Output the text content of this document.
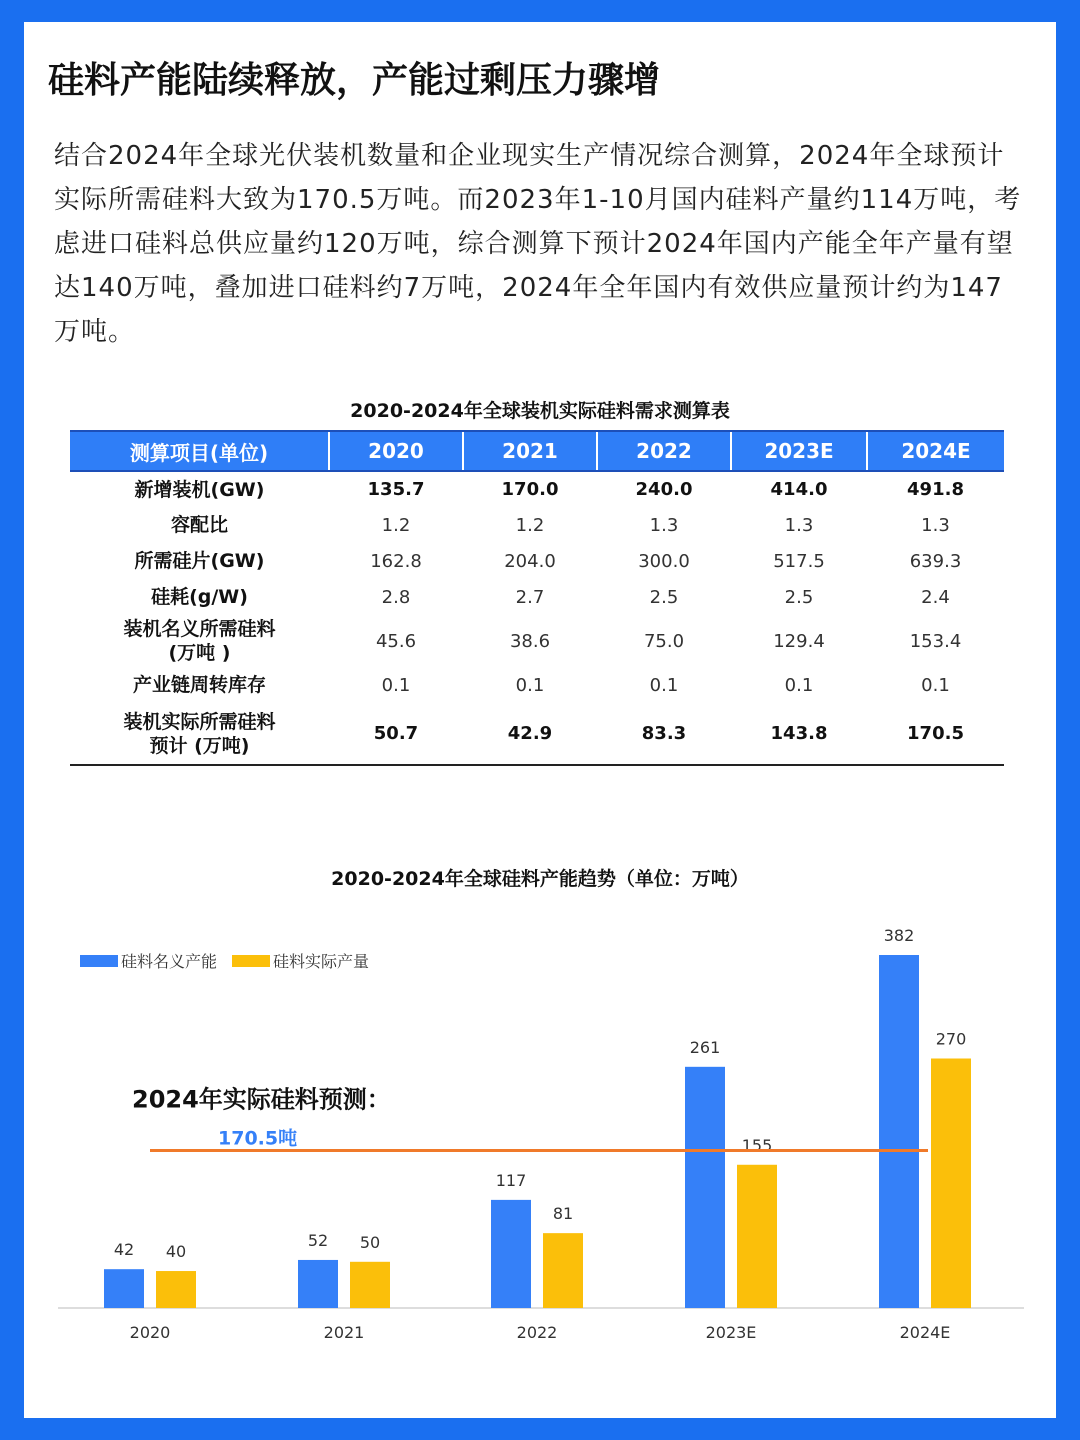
硅料产能陆续释放，产能过剩压力骤增
结合2024年全球光伏装机数量和企业现实生产情况综合测算，2024年全球预计实际所需硅料大致为170.5万吨。而2023年1-10月国内硅料产量约114万吨，考虑进口硅料总供应量约120万吨，综合测算下预计2024年国内产能全年产量有望达140万吨，叠加进口硅料约7万吨，2024年全年国内有效供应量预计约为147万吨。
2020-2024年全球装机实际硅料需求测算表
测算项目(单位)	2020	2021	2022	2023E	2024E
新增装机(GW)	135.7	170.0	240.0	414.0	491.8
容配比	1.2	1.2	1.3	1.3	1.3
所需硅片(GW)	162.8	204.0	300.0	517.5	639.3
硅耗(g/W)	2.8	2.7	2.5	2.5	2.4
装机名义所需硅料
(万吨 )	45.6	38.6	75.0	129.4	153.4
产业链周转库存	0.1	0.1	0.1	0.1	0.1
装机实际所需硅料
预计 (万吨)	50.7	42.9	83.3	143.8	170.5
2020-2024年全球硅料产能趋势（单位：万吨）
42 40
2020
52 50
2021
117
81
2022
261
155
2023E
382
270
2024E
170.5吨
2024年实际硅料预测：
硅料名义产能	硅料实际产量
